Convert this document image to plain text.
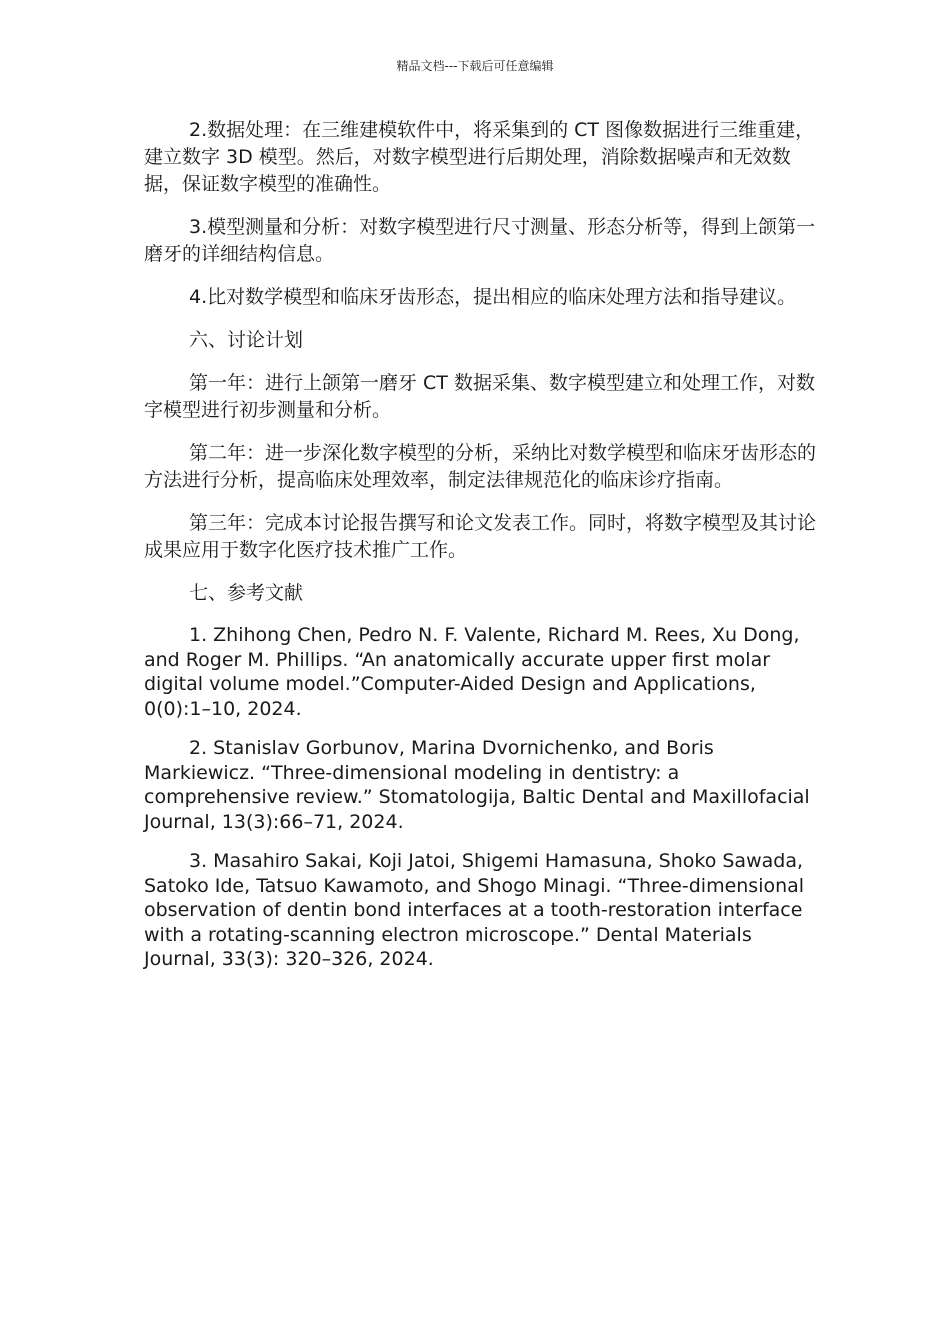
精品文档---下载后可任意编辑

2.数据处理：在三维建模软件中，将采集到的 CT 图像数据进行三维重建，建立数字 3D 模型。然后，对数字模型进行后期处理，消除数据噪声和无效数据，保证数字模型的准确性。

3.模型测量和分析：对数字模型进行尺寸测量、形态分析等，得到上颌第一磨牙的详细结构信息。

4.比对数学模型和临床牙齿形态，提出相应的临床处理方法和指导建议。

六、讨论计划

第一年：进行上颌第一磨牙 CT 数据采集、数字模型建立和处理工作，对数字模型进行初步测量和分析。

第二年：进一步深化数字模型的分析，采纳比对数学模型和临床牙齿形态的方法进行分析，提高临床处理效率，制定法律规范化的临床诊疗指南。

第三年：完成本讨论报告撰写和论文发表工作。同时，将数字模型及其讨论成果应用于数字化医疗技术推广工作。

七、参考文献

1. Zhihong Chen, Pedro N. F. Valente, Richard M. Rees, Xu Dong, and Roger M. Phillips. “An anatomically accurate upper first molar digital volume model.”Computer-Aided Design and Applications, 0(0):1–10, 2024.

2. Stanislav Gorbunov, Marina Dvornichenko, and Boris Markiewicz. “Three-dimensional modeling in dentistry: a comprehensive review.” Stomatologija, Baltic Dental and Maxillofacial Journal, 13(3):66–71, 2024.

3. Masahiro Sakai, Koji Jatoi, Shigemi Hamasuna, Shoko Sawada, Satoko Ide, Tatsuo Kawamoto, and Shogo Minagi. “Three-dimensional observation of dentin bond interfaces at a tooth-restoration interface with a rotating-scanning electron microscope.” Dental Materials Journal, 33(3): 320–326, 2024.
